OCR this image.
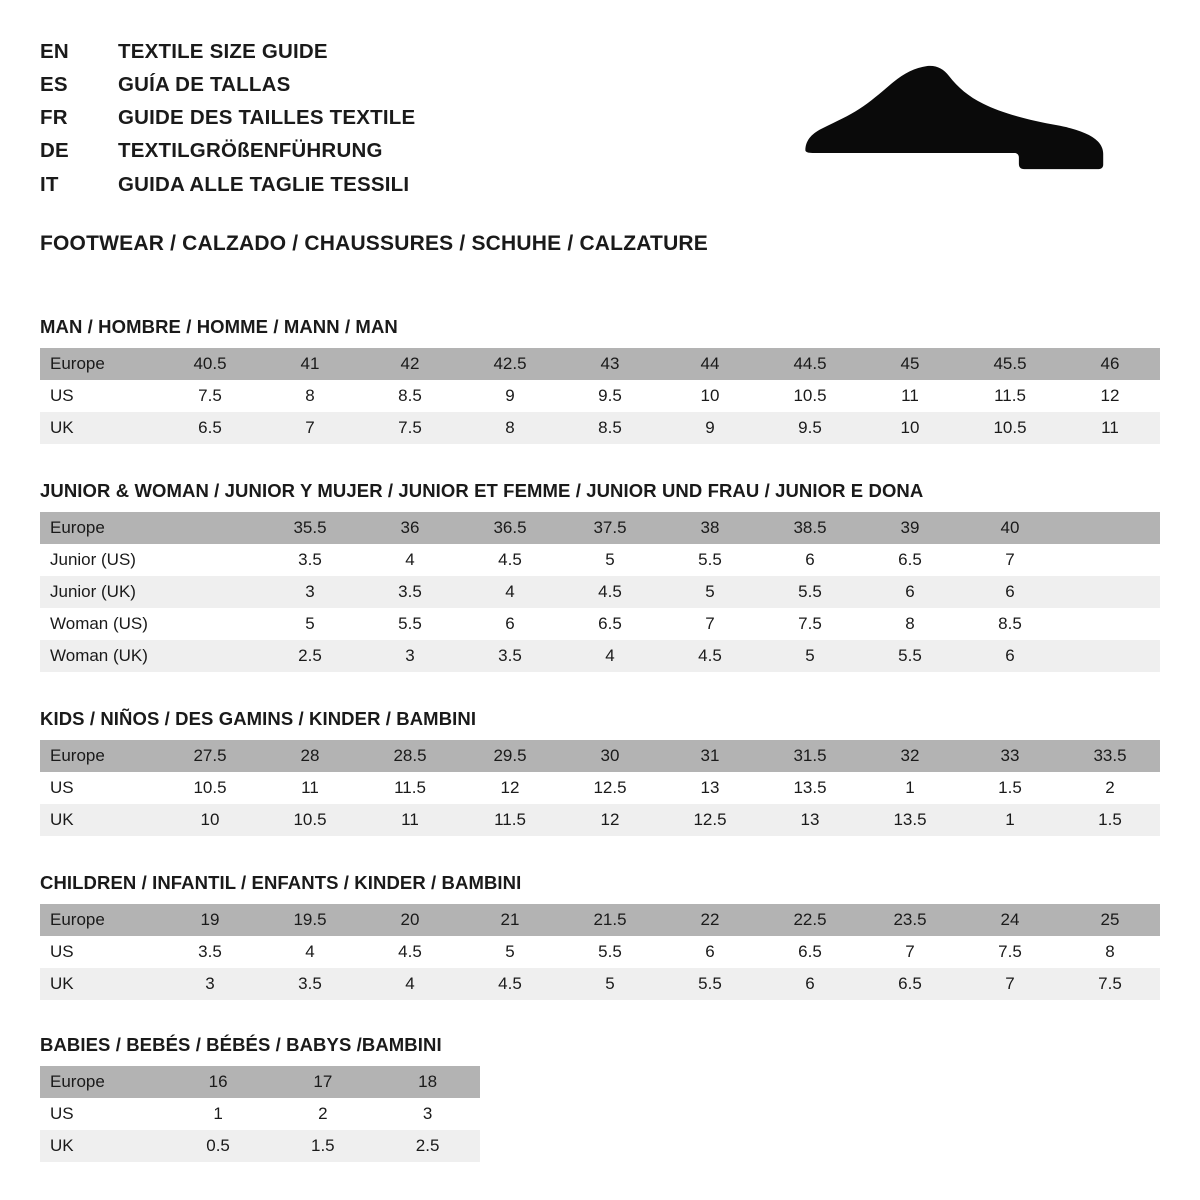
EN	TEXTILE SIZE GUIDE
ES	GUÍA DE TALLAS
FR	GUIDE DES TAILLES TEXTILE
DE	TEXTILGRÖßENFÜHRUNG
IT	GUIDA ALLE TAGLIE TESSILI
FOOTWEAR / CALZADO / CHAUSSURES / SCHUHE / CALZATURE
MAN / HOMBRE / HOMME / MANN / MAN
Europe	40.5	41	42	42.5	43	44	44.5	45	45.5	46
US	7.5	8	8.5	9	9.5	10	10.5	11	11.5	12
UK	6.5	7	7.5	8	8.5	9	9.5	10	10.5	11
JUNIOR & WOMAN / JUNIOR Y MUJER / JUNIOR ET FEMME / JUNIOR UND FRAU / JUNIOR E DONA
Europe		35.5	36	36.5	37.5	38	38.5	39	40	
Junior (US)		3.5	4	4.5	5	5.5	6	6.5	7	
Junior (UK)		3	3.5	4	4.5	5	5.5	6	6	
Woman (US)		5	5.5	6	6.5	7	7.5	8	8.5	
Woman (UK)		2.5	3	3.5	4	4.5	5	5.5	6	
KIDS / NIÑOS / DES GAMINS / KINDER / BAMBINI
Europe	27.5	28	28.5	29.5	30	31	31.5	32	33	33.5
US	10.5	11	11.5	12	12.5	13	13.5	1	1.5	2
UK	10	10.5	11	11.5	12	12.5	13	13.5	1	1.5
CHILDREN / INFANTIL / ENFANTS / KINDER / BAMBINI
Europe	19	19.5	20	21	21.5	22	22.5	23.5	24	25
US	3.5	4	4.5	5	5.5	6	6.5	7	7.5	8
UK	3	3.5	4	4.5	5	5.5	6	6.5	7	7.5
BABIES / BEBÉS / BÉBÉS / BABYS /BAMBINI
Europe	16	17	18
US	1	2	3
UK	0.5	1.5	2.5
